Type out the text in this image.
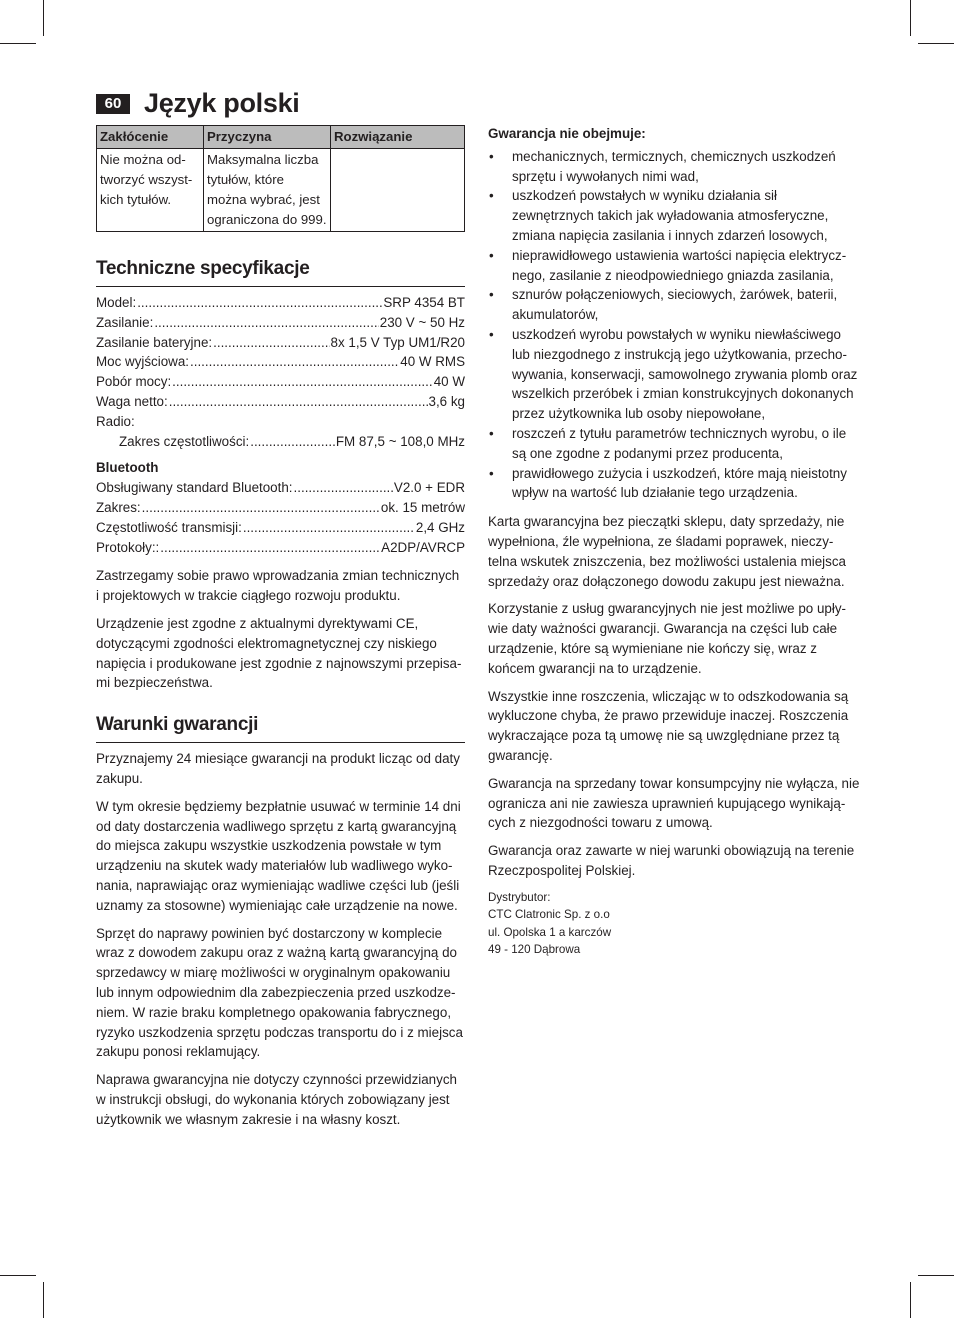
60 Język polski
Zakłócenie	Przyczyna	Rozwiązanie
Nie można od-tworzyć wszyst-kich tytułów.	Maksymalna liczba tytułów, które można wybrać, jest ograniczona do 999.	
Techniczne specyfikacje
Model: .....	SRP 4354 BT
Zasilanie: .....	230 V ~ 50 Hz
Zasilanie bateryjne: .....	8x 1,5 V Typ UM1/R20
Moc wyjściowa: .....	40 W RMS
Pobór mocy: .....	40 W
Waga netto: .....	3,6 kg
Radio:
Zakres częstotliwości: .....	FM 87,5 ~ 108,0 MHz
Bluetooth
Obsługiwany standard Bluetooth: .....	V2.0 + EDR
Zakres: .....	ok. 15 metrów
Częstotliwość transmisji: .....	2,4 GHz
Protokoły:: .....	A2DP/AVRCP

Zastrzegamy sobie prawo wprowadzania zmian technicznych i projektowych w trakcie ciągłego rozwoju produktu.

Urządzenie jest zgodne z aktualnymi dyrektywami CE, dotyczącymi zgodności elektromagnetycznej czy niskiego napięcia i produkowane jest zgodnie z najnowszymi przepisa-mi bezpieczeństwa.

Warunki gwarancji

Przyznajemy 24 miesiące gwarancji na produkt licząc od daty zakupu.

W tym okresie będziemy bezpłatnie usuwać w terminie 14 dni od daty dostarczenia wadliwego sprzętu z kartą gwarancyjną do miejsca zakupu wszystkie uszkodzenia powstałe w tym urządzeniu na skutek wady materiałów lub wadliwego wyko-nania, naprawiając oraz wymieniając wadliwe części lub (jeśli uznamy za stosowne) wymieniając całe urządzenie na nowe.

Sprzęt do naprawy powinien być dostarczony w komplecie wraz z dowodem zakupu oraz z ważną kartą gwarancyjną do sprzedawcy w miarę możliwości w oryginalnym opakowaniu lub innym odpowiednim dla zabezpieczenia przed uszkodze-niem. W razie braku kompletnego opakowania fabrycznego, ryzyko uszkodzenia sprzętu podczas transportu do i z miejsca zakupu ponosi reklamujący.

Naprawa gwarancyjna nie dotyczy czynności przewidzianych w instrukcji obsługi, do wykonania których zobowiązany jest użytkownik we własnym zakresie i na własny koszt.

Gwarancja nie obejmuje:
• mechanicznych, termicznych, chemicznych uszkodzeń sprzętu i wywołanych nimi wad,
• uszkodzeń powstałych w wyniku działania sił zewnętrznych takich jak wyładowania atmosferyczne, zmiana napięcia zasilania i innych zdarzeń losowych,
• nieprawidłowego ustawienia wartości napięcia elektrycz-nego, zasilanie z nieodpowiedniego gniazda zasilania,
• sznurów połączeniowych, sieciowych, żarówek, baterii, akumulatorów,
• uszkodzeń wyrobu powstałych w wyniku niewłaściwego lub niezgodnego z instrukcją jego użytkowania, przecho-wywania, konserwacji, samowolnego zrywania plomb oraz wszelkich przeróbek i zmian konstrukcyjnych dokonanych przez użytkownika lub osoby niepowołane,
• roszczeń z tytułu parametrów technicznych wyrobu, o ile są one zgodne z podanymi przez producenta,
• prawidłowego zużycia i uszkodzeń, które mają nieistotny wpływ na wartość lub działanie tego urządzenia.

Karta gwarancyjna bez pieczątki sklepu, daty sprzedaży, nie wypełniona, źle wypełniona, ze śladami poprawek, nieczy-telna wskutek zniszczenia, bez możliwości ustalenia miejsca sprzedaży oraz dołączonego dowodu zakupu jest nieważna.

Korzystanie z usług gwarancyjnych nie jest możliwe po upły-wie daty ważności gwarancji. Gwarancja na części lub całe urządzenie, które są wymieniane nie kończy się, wraz z końcem gwarancji na to urządzenie.

Wszystkie inne roszczenia, wliczając w to odszkodowania są wykluczone chyba, że prawo przewiduje inaczej. Roszczenia wykraczające poza tą umowę nie są uwzględniane przez tą gwarancję.

Gwarancja na sprzedany towar konsumpcyjny nie wyłącza, nie ogranicza ani nie zawiesza uprawnień kupującego wynikają-cych z niezgodności towaru z umową.

Gwarancja oraz zawarte w niej warunki obowiązują na terenie Rzeczpospolitej Polskiej.

Dystrybutor:
CTC Clatronic Sp. z o.o
ul. Opolska 1 a karczów
49 - 120 Dąbrowa
